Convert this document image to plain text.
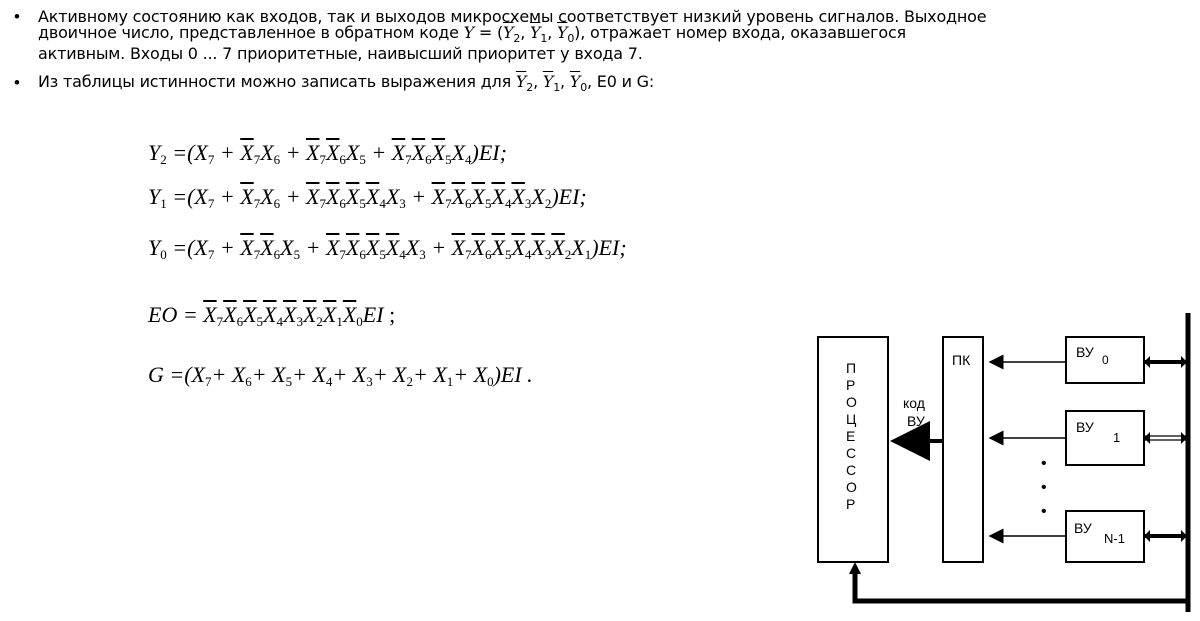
• Активному состоянию как входов, так и выходов микросхемы соответствует низкий уровень сигналов. Выходное
двоичное число, представленное в обратном коде $Y = (\overline{Y}_2$, $\overline{Y}_1$, $\overline{Y}_0$), отражает номер входа, оказавшегося
активным. Входы 0 ... 7 приоритетные, наивысший приоритет у входа 7.
• Из таблицы истинности можно записать выражения для $\overline{Y}_2$, $\overline{Y}_1$, $\overline{Y}_0$, E0 и G:
$Y_2 =(X_7 + \overline{X}_7X_6 + \overline{X}_7\overline{X}_6X_5 + \overline{X}_7\overline{X}_6\overline{X}_5X_4)EI$;
$Y_1 =(X_7 + \overline{X}_7X_6 + \overline{X}_7\overline{X}_6\overline{X}_5\overline{X}_4X_3 + \overline{X}_7\overline{X}_6\overline{X}_5\overline{X}_4\overline{X}_3X_2)EI$;
$Y_0 =(X_7 + \overline{X}_7\overline{X}_6X_5 + \overline{X}_7\overline{X}_6\overline{X}_5\overline{X}_4X_3 + \overline{X}_7\overline{X}_6\overline{X}_5\overline{X}_4\overline{X}_3\overline{X}_2X_1)EI$;
EO = $\overline{X}_7\overline{X}_6\overline{X}_5\overline{X}_4\overline{X}_3\overline{X}_2\overline{X}_1\overline{X}_0EI$ ;
$G =(X_7+ X_6+ X_5+ X_4+ X_3+ X_2+ X_1+ X_0)EI$ .	П
Р
О
Ц
Е
С
С
О
Р
ПК
код
ВУ
ВУ 0
ВУ
1
•
•
•
ВУ
N-1
